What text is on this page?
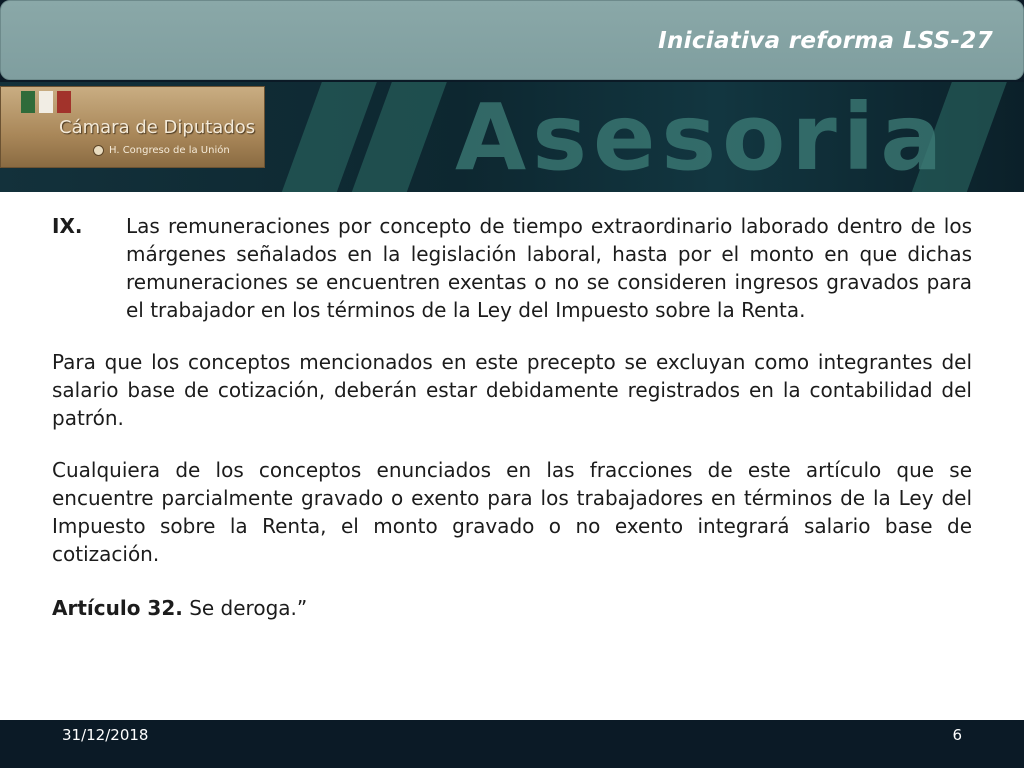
Iniciativa reforma LSS-27
Asesoria
Cámara de Diputados
H. Congreso de la Unión
IX.	Las remuneraciones por concepto de tiempo extraordinario laborado dentro de los márgenes señalados en la legislación laboral, hasta por el monto en que dichas remuneraciones se encuentren exentas o no se consideren ingresos gravados para el trabajador en los términos de la Ley del Impuesto sobre la Renta.

Para que los conceptos mencionados en este precepto se excluyan como integrantes del salario base de cotización, deberán estar debidamente registrados en la contabilidad del patrón.

Cualquiera de los conceptos enunciados en las fracciones de este artículo que se encuentre parcialmente gravado o exento para los trabajadores en términos de la Ley del Impuesto sobre la Renta, el monto gravado o no exento integrará salario base de cotización.

Artículo 32. Se deroga.”

31/12/2018	6
